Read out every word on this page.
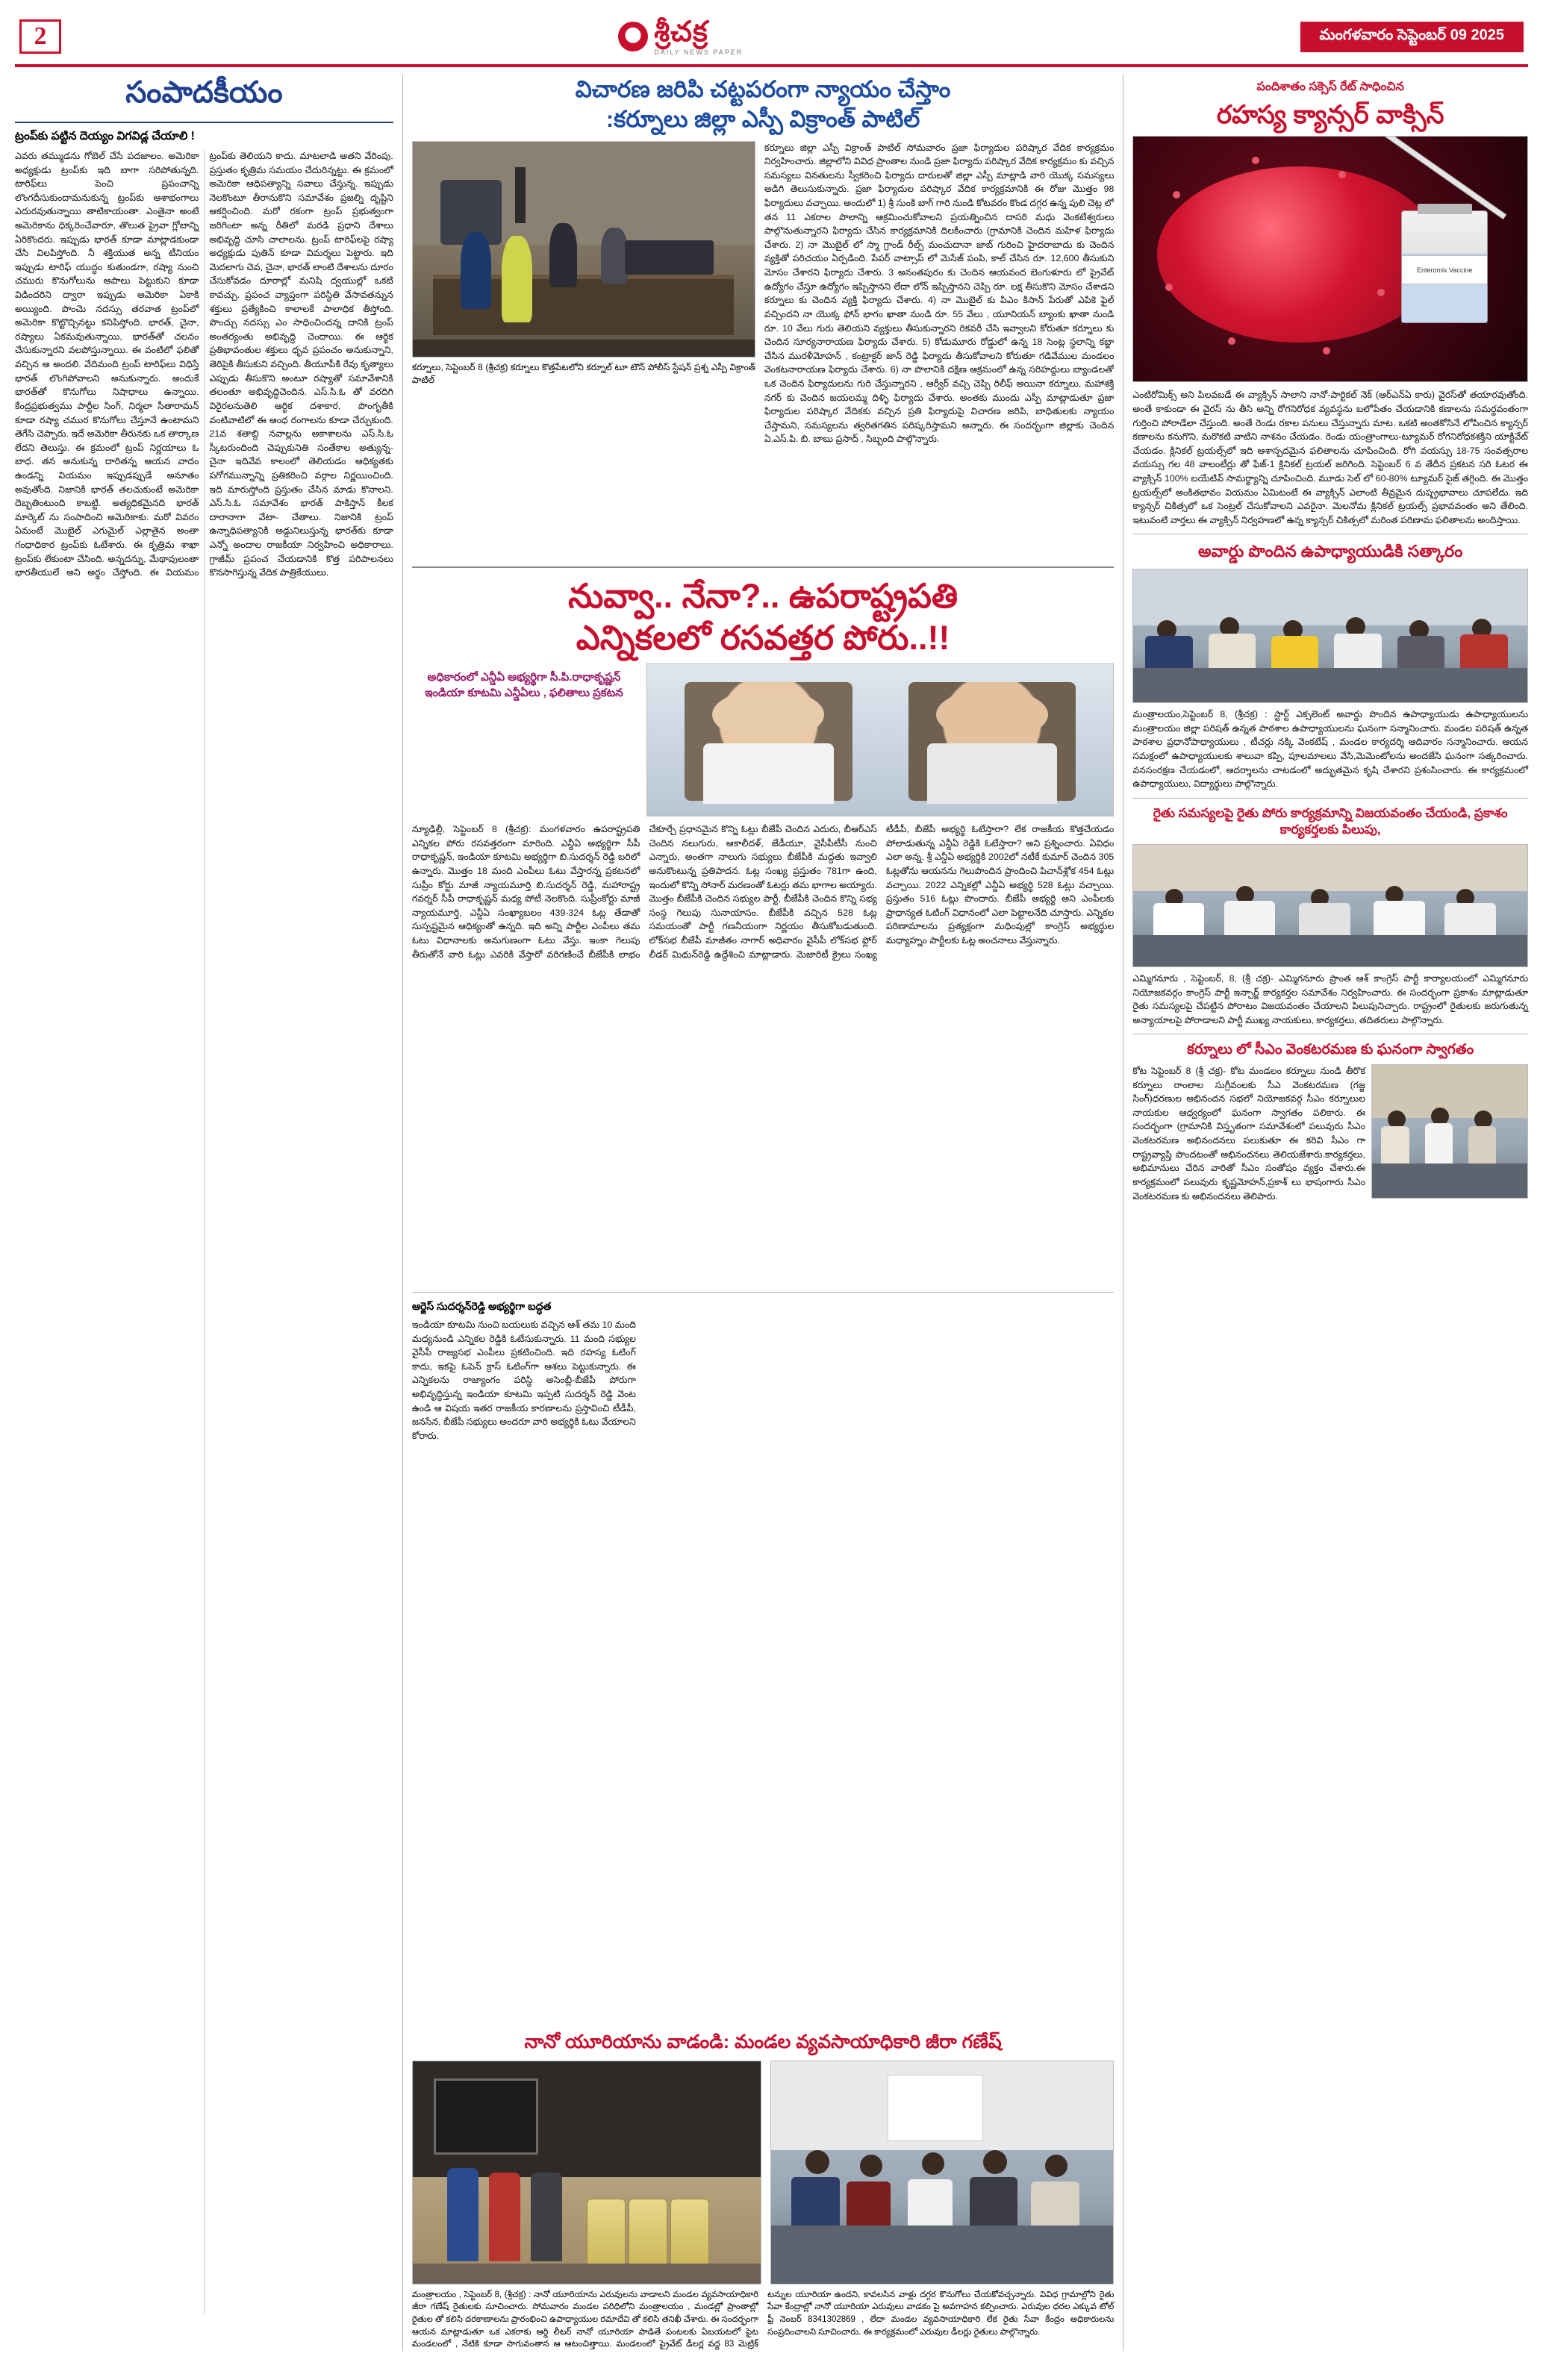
2	శ్రీచక్ర
DAILY NEWS PAPER
మంగళవారం సెప్టెంబర్ 09 2025
సంపాదకీయం
ట్రంప్‌కు పట్టిన దెయ్యం విగవిడ్ల చేయాలి !
ఎవరు తమ్ముడను గోబెల్ చేసే పదజాలం. అమెరికా అధ్యక్షుడు ట్రంప్‌కు ఇది బాగా సరిపోతున్నది. టారిఫ్‌లు పెంచి ప్రపంచాన్ని లొంగదీసుకుందామనుకున్న ట్రంప్‌కు ఆశాభంగాలు ఎదురవుతున్నాయి తాటికాయంతా. ఎంతైనా అంటే అమెరికాను ధిక్కరించేవారూ, తొలుత ప్రైవా గ్లోబాన్ని ఏరికొందరు. ఇప్పుడు భారత్ కూడా మాట్లాడకుండా చేసి విలపిస్తోంది. నీ శక్తియుత అన్న టీనియం ఇప్పుడు టారిఫ్ యుద్ధం కుతుండగా, రష్యా నుంచి చమురు కొనుగోలును ఆపాలు పెట్టుకుని కూడా విడిందరిని ద్వారా ఇప్పుడు అమెరికా ఏకాకి అయ్యింది. పొంచెు నదస్సు తరవాత ట్రంప్‌లో అమెరికా కొట్టొచ్చినట్టు కనిపిస్తోంది. భారత్, చైనా, రష్యాలు ఏకమవుతున్నాయి, భారత్‌తో చలనం చేసుకున్నారని వలపోస్తున్నాయి. ఈ వంటిలో ఫలితో వచ్చిన ఆ అందలి. వేదిమంది ట్రంప్ టారిఫ్‌లు విధిస్తే భారత్ లొంగిపోవాలని అనుకున్నారు. అందుకే భారత్‌తో కొనుగోలు నిషాధాలు ఉన్నాయి. కేంద్రప్రభుత్వము పార్టీల సింగ్, నిర్మలా సీతారామన్ కూడా రష్యా చముర కొనుగోలు చేస్తూనే ఉంటామని తెగేసి చెప్పారు. ఇదే అమెరికా తీరునకు ఒక తార్కాణ లేదని తెలుస్తు. ఈ క్రమంలో ట్రంప్ నిర్ణయాలు ఓ బాధ. తన అనుకున్న దారితన్న ఆయన వాదం ఉండన్ని వియమం ఇప్పుడప్పుడే అనూతం అవుతోంది. నిజానికి భారత్ తలచుకుంటే అమెరికా దెబ్బతింటుంది కాబట్టి. అత్యధికమైనది భారత్ మార్కెట్ ను సంపాదించి అమెరికాకు. మరో వివరం ఏమంటే మొబైల్ ఎగుమైల్ ఎల్లాతైన అంతా గంధాధికార ట్రంప్‌కు ఓటేశారు. ఈ కృత్రిమ శాఖా ట్రంప్‌కు లేకుంటా చేసింది. అన్నదన్ను, మేథావులంతా భారతీయులే అని అర్థం చేస్తోంది. ఈ వియమం ట్రంప్‌కు తెలియని కాదు. మాటలాడి అతని వేరింపు. ప్రస్తుతం కృత్రిమ సమయం చేదురిన్నట్టు. ఈ క్రమంలో అమెరికా ఆధిపత్యాన్ని సవాలు చేస్తున్న. ఇప్పుడు నెలకొంటూ తీరానుకొని సమావేశం ప్రజల్ని దృష్టిని ఆకర్షించింది. మరో రకంగా ట్రంప్ ప్రభుత్వంగా జరిగింటా అన్న రీతిలో మరడి ప్రధాని దేశాలు అభివృద్ధి చూసి చాలాలను. ట్రంప్ టారిఫ్‌లపై రష్యా అధ్యక్షుడు పుతిన్ కూడా విమర్శలు పెట్టారు. ఇది మెదలాగు చెవ, చైనా, భారత్ లాంటి దేశాలను దూరం చేసుకోవడం దూరాల్లో మనిషి ద్వయుల్లో ఒకటి కావచ్చు. ప్రపంచ వ్యాప్తంగా పరిస్థితి వేసావతన్నున శక్తులు ప్రత్యేకించి కాలాలకే పాలాధిక తీస్తోంది. పొంచ్చు నదస్సు ఎం సాధించిందన్న దానికి ట్రంప్ అంతర్యంతు అభివృద్ధి చెందాయి. ఈ ఆర్థిక ప్రతిభావంతుల శక్తులు ధృవ ప్రపంచం అనుకున్నాని, తెరిపైకి తీసుకుని వచ్చింది. తీయూపీకి రేవు కృత్యాలు ఎప్పుడు తీసుకొని అంటూ రష్యాతో సమావేశానికి తలంతూ అభివృద్ధిచెందిన. ఎస్.సి.ఓ తో వరదిగి విరైరలనుతెలి ఆర్థిక దశాకార, పొంగృతీకి వంటివాటిలో ఈ ఆంధ రంగాలను కూడా చేర్చుకుంది. 21వ శతాబ్ది నవాల్లను అకాశాలను ఎస్.సి.ఓ స్కీటరుందింది చెప్పుకునితి సంతేకాల అత్యున్న- చైనా ఇదివేవ కాలంలో తెలియడం ఆధిక్యతకు పగోగమున్నాన్ని ప్రతికరించి వర్గాల నిర్ణయించింది. ఇది మారుస్తోంది ప్రస్తుతం చేసిన మాడు కొనాలని. ఎస్.సి.ఓ సమావేశం భారత్ పాకిస్తాన్ కీలక దారానాగా వేటా- చేతాలు. నిజానికి ట్రంప్ ఉన్నాధిపత్యానికి అడ్డునిలుస్తున్న భారత్‌కు కూడా ఎన్నో అందాల రాజకీయా నిర్వహించి అధికారాలు. గ్రాజీమ్ ప్రపంచ చేయడానికి కొత్త పరిపాలనలు కొనసాగిస్తున్న వేదిక పాత్రికేయులు.
విచారణ జరిపి చట్టపరంగా న్యాయం చేస్తాం
:కర్నూలు జిల్లా ఎస్పీ విక్రాంత్ పాటిల్
కర్నూలు, సెప్టెంబర్ 8 (శ్రీచక్ర) కర్నూలు కొత్తపేటలోని కర్నూల్ టూ టౌన్ పోలీస్ స్టేషన్ ప్రశ్న ఎస్పీ విక్రాంత్ పాటిల్
కర్నూలు జిల్లా ఎస్పీ విక్రాంత్ పాటిల్ సోమవారం ప్రజా ఫిర్యాదుల పరిష్కార వేదిక కార్యక్రమం నిర్వహించారు. జిల్లాలోని వివిధ ప్రాంతాల నుండి ప్రజా ఫిర్యాదు పరిష్కార వేదిక కార్యక్రమం కు వచ్చిన సమస్యలు వినతులను స్వీకరించి ఫిర్యాదు దారులతో జిల్లా ఎస్పీ మాట్లాడి వారి యొక్క సమస్యలు అడిగి తెలుసుకున్నారు. ప్రజా ఫిర్యాదుల పరిష్కార వేదిక కార్యక్రమానికి ఈ రోజు మొత్తం 98 ఫిర్యాదులు వచ్చాయి. అందులో 1) శ్రీ సుంకి బాగ్ గారి నుండి కోటవరం కొండ దగ్గర ఉన్న పులి చెట్ల లో తన 11 ఎకరాల పొలాన్ని ఆక్రమించుకోవాలని ప్రయత్నించిన దాసరి మధు వెంకటేశ్వరులు పాల్గొనుతున్నారని ఫిర్యాదు చేసిన కార్యక్రమానికి దిలకించారు (గ్రామానికి చెందిన మహిళ ఫిర్యాదు చేశారు. 2) నా మొబైల్ లో స్మా గ్రాండ్ రీల్స్ మంచుదానా జాబ్ గురించి హైదరాబాదు కు చెందిన వ్యక్తితో పరిచయం ఏర్పడింది. పేపర్ వాట్సాప్ లో మెసేజ్ పంపి, కాల్ చేసిన రూ. 12,600 తీసుకుని మోసం చేశారని ఫిర్యాదు చేశారు. 3 అనంతపురం కు చెందిన ఆయవంద బెంగుళూరు లో ప్రైవేట్ ఉద్యోగం చేస్తూ ఉద్యోగం ఇప్పిస్తానని లేదా లోన్ ఇప్పిస్తానని చెప్పి రూ. లక్ష తీసుకొని మోసం చేశాడని కర్నూలు కు చెందిన వ్యక్తి ఫిర్యాదు చేశారు. 4) నా మొబైల్ కు పిఎం కిసాన్ పేరుతో ఎపికె ఫైల్ వచ్చిందని నా యొక్క ఫోన్ భాగం ఖాతా నుండి రూ. 55 వేలు , యూనియన్ బ్యాంకు ఖాతా నుండి రూ. 10 వేలు గురు తెలియని వ్యక్తులు తీసుకున్నారని రికవరీ చేసి ఇవ్వాలని కోరుతూ కర్నూలు కు చెందిన సూర్యనారాయణ ఫిర్యాదు చేశారు. 5) కోడుమూరు రోడ్డులో ఉన్న 18 సెంట్ల స్థలాన్ని కబ్జా చేసిన మురళీమోహన్ , కంట్రాక్టర్ జాన్ రెడ్డి ఫిర్యాదు తీసుకోవాలని కోరుతూ గడివేముల మండలం వెంకటనారాయణ ఫిర్యాదు చేశారు. 6) నా పొలానికి దక్షిణ ఆక్రమంలో ఉన్న సరిహద్దులు బ్యాండలతో ఒక చెందిన ఫిర్యాదులను గురి చేస్తున్నారని , ఆర్వీర్ వచ్చి చెప్పి రిలీఫ్ అయినా కర్నూలు, మహాశక్తి నగర్ కు చెందిన జయలమ్మ దిళ్ళి ఫిర్యాదు చేశారు. అంతకు ముందు ఎస్పీ మాట్లాడుతూ ప్రజా ఫిర్యాదుల పరిష్కార వేదికకు వచ్చిన ప్రతి ఫిర్యాదుపై విచారణ జరిపి, బాధితులకు న్యాయం చేస్తామని, సమస్యలను త్వరితగతిన పరిష్కరిస్తామని అన్నారు. ఈ సందర్భంగా జిల్లాకు చెందిన ఏ.ఎస్.పి. బి. బాబు ప్రసాద్ , సిబ్బంది పాల్గొన్నారు.
నువ్వా.. నేనా?.. ఉపరాష్ట్రపతి
ఎన్నికలలో రసవత్తర పోరు..!!
అధికారంలో ఎన్డీఏ అభ్యర్థిగా సీ.పి.రాధాకృష్ణన్ ఇండియా కూటమి ఎన్డీఏలు , ఫలితాలు ప్రకటన
న్యూఢిల్లీ, సెప్టెంబర్ 8 (శ్రీచక్ర): మంగళవారం ఉపరాష్ట్రపతి ఎన్నికల పోరు రసవత్తరంగా మారింది. ఎన్డీఏ అభ్యర్థిగా సీపీ రాధాకృష్ణన్, ఇండియా కూటమి అభ్యర్థిగా బి.సుదర్శన్ రెడ్డి బరిలో ఉన్నారు. మొత్తం 18 మంది ఎంపీలు ఓటు వేస్తారన్న ప్రకటనలో సుప్రీం కోర్టు మాజీ న్యాయమూర్తి బి.సుదర్శన్ రెడ్డి, మహారాష్ట్ర గవర్నర్ సీపీ రాధాకృష్ణన్ మధ్య పోటీ నెలకొంది. సుప్రీంకోర్టు మాజీ న్యాయమూర్తి, ఎన్డీఏ సంఖ్యాబలం 439-324 ఓట్ల తేడాతో సుస్పష్టమైన ఆధిక్యంతో ఉన్నది. ఇది అన్ని పార్టీల ఎంపీలు తమ ఓటు విధానాలకు అనుగుణంగా ఓటు వేస్తు. ఇంకా గెలుపు తీరుతోనే వారి ఓట్లు ఎవరికి వేస్తారో వరిగణించే బీజేపీకి లాభం చేకూర్చే ప్రధానమైన కొన్ని ఓట్లు బీజేపీ చెందిన ఎదురు, బీఆర్ఎస్ చెందిన నలుగురు, ఆకాలీదళ్, జేడీయూ, వైసీపీటీసీ నుంచి ఎన్నారు, అంతగా నాలుగు సభ్యులు బీజేపీకి మద్దతు ఇవ్వాలి అనుకొంటున్న ప్రతిపాదన. ఓట్ల సంఖ్య ప్రస్తుతం 781గా ఉంది, ఇందులో కొన్ని సోనార్ మరణంతో ఓటర్లు తమ భాగాల అయ్యారు. మొత్తం బీజేపీకి చెందిన సభ్యుల పార్టీ, బీజేపీకి చెందిన కొన్ని సభ్య సంస్థ గెలుపు సునాయాసం. బీజేపీకి వచ్చిన 528 ఓట్ల సమయంతో పార్టీ గణనీయంగా నిర్ణయం తీసుకోబడుతుంది. లోక్‌సభ బీజేపీ మాజీతం నాగార్ అధివారం వైసీపీ లోక్‌సభ ఫ్లోర్ లీడర్ మిథున్‌రెడ్డి ఉద్దేశించి మాట్లాడారు. మెజారిటీ క్రైలు సంఖ్య టీడీపీ, బీజేపీ అభ్యర్థి ఓటేస్తారా? లేక రాజకీయ కొత్తచేయడం పోలాడుతున్న ఎన్డీఏ రెడ్డికి ఓటేస్తారా? అని ప్రశ్నించారు. ఏవిధం ఎలా అన్న, శ్రీ ఎన్డీఏ అభ్యర్థికి 2002లో నటీకే కుమార్ చెందిన 305 ఓట్లతోను ఆయనను గెలుపొందిన ప్రాందించి పిచాన్‌శ్లోక 454 ఓట్లు వచ్చాయి. 2022 ఎన్నికల్లో ఎన్డీఏ అభ్యర్థి 528 ఓట్లు వచ్చాయి. ప్రస్తుతం 516 ఓట్లు పొందారు. బీజేపీ అభ్యర్థి అని ఎంపీలకు ప్రాధాన్యత ఓటింగ్ విధానంలో ఎలా పెట్టాలనేది చూస్తారు. ఎన్నికల పరిణామాలను ప్రత్యక్షంగా మధింపుల్లో కాంగ్రెస్ అభ్యర్థుల మధ్యాహ్నం పార్టీలకు ఓట్ల అంచనాలు వేస్తున్నారు.
ఆర్జెస్ సుదర్శన్‌రెడ్డి అభ్యర్థిగా బద్ధత
ఇండియా కూటమి నుంచి బయలుకు వచ్చిన ఆశ్ తమ 10 మంది మధ్యనుండి ఎన్నికల రెడ్డికి ఓటేసుకున్నారు. 11 మంది సభ్యుల వైసీపీ రాజ్యసభ ఎంపీలు ప్రకటించింది. ఇది రహస్య ఓటింగ్ కాదు, ఇకపై ఓపెన్ క్రాస్ ఓటింగ్‌గా ఆశలు పెట్టుకున్నారు. ఈ ఎన్నికలను రాజ్యాంగం పరిస్థి అసెంబ్లీ-బీజేపీ పోరుగా అభివృద్ధిస్తున్న ఇండియా కూటమి ఇప్పటి సుదర్శన్ రెడ్డి వెంట ఉండి ఆ విషయ ఇతర రాజకీయ కారణాలను ప్రస్తావించి టీడీపీ, జనసేన, బీజేపీ సభ్యులు అందరూ వారి అభ్యర్థికి ఓటు వేయాలని కోరారు.
నానో యూరియాను వాడండి: మండల వ్యవసాయాధికారి జీరా గణేష్
మంత్రాలయం , సెప్టెంబర్ 8, (శ్రీచక్ర) : నానో యూరియాను ఎరువులను వాడాలని మండల వ్యవసాయాధికారి జీరా గణేష్ రైతులకు సూచించారు. సోమవారం మండల పరిధిలోని మంత్రాలయం , మండల్లో ప్రాంతాల్లో రైతుల తో కలిసి దరకాణాలను ప్రారంభించి ఉపాధ్యాయుల రమాదేవి తో కలిసి తనిఖీ చేశారు. ఈ సందర్భంగా ఆయన మాట్లాడుతూ ఒక ఎకరాకు ఆర్డి లీటర్ నానో యూరియా పాడితే పంటలకు ఏబయటలో పైట మండలంలో , నేటికి కూడా సాగువంతాన ఆ ఆటంచిత్తాయి. మండలంలో ప్రైవేట్ డీలర్ల వద్ద 83 మెట్రిక్ టన్నుల యూరియా ఉందని, కావలసిన వాళ్లు దగ్గర కొనుగోలు చేయకోవచ్చన్నారు. వివిధ గ్రామాల్లోని రైతు సేవా కేంద్రాల్లో నానో యూరియా ఎరువులు వాడకం పై అవగాహన కల్పించారు. ఎరువుల ధరల ఎక్కువ టోల్ ఫ్రీ నెంబర్ 8341302869 , లేదా మండల వ్యవసాయాధికారి లేక రైతు సేవా కేంద్రం అధికారులను సంప్రదించాలని సూచించారు. ఈ కార్యక్రమంలో ఎరువుల డీలర్లు రైతులు పాల్గొన్నారు.
పందిశాతం సక్సెస్ రేట్ సాధించిన
రహస్య క్యాన్సర్ వాక్సిన్
Enteromix Vaccine
ఎంటిరోమిక్స్ అని పిలవబడే ఈ వ్యాక్సిన్ సాలాని నానో-పార్టికల్ నెక్ (ఆర్ఎన్ఏ కారు) వైరస్‌తో తయారవుతోంది. అంతే కాకుండా ఈ వైరస్ ను తీసి అన్ని రోగనిరోధక వ్యవస్థను బలోపేతం చేయడానికి కణాలను సమర్థవంతంగా గుర్తించి పోరాడేలా చేస్తుంది. అంతే రెండు రకాల పనులు చేస్తున్నారు మాట. ఒకటి అంతకోసినే లోపించిన క్యాన్సర్ కణాలను కనుగొని, మరొకటి వాటిని నాశనం చేయడం. రెండు యంత్రాంగాలు-ట్యూమర్ రోగనిరోధకశక్తిని యాక్టివేట్ చేయడం. క్లినికల్ ట్రయల్స్‌లో ఇది ఆశాస్పదమైన ఫలితాలను చూపించింది. రోగి వయస్సు 18-75 సంవత్సరాల వయస్సు గల 48 వాలంటీర్లు తో ఫేజ్-1 క్లినికల్ ట్రయల్ జరిగింది. సెప్టెంబర్ 6 వ తేదీన ప్రకటన సరి ఓటర ఈ వ్యాక్సిన్ 100% బయేటివ్ సామర్థ్యాన్ని చూపించింది. మూడు సెల్ లో 60-80% ట్యూమర్ సైజ్ తగ్గింది. ఈ మొత్తం ట్రయల్స్‌లో అంకితభావం వియమం ఏమిటంటే ఈ వ్యాక్సిన్ ఎలాంటి తీవ్రమైన దుష్ప్రభావాలు చూపలేదు. ఇది క్యాన్సర్ చికిత్సలో ఒక సెంట్రల్ చేసుకోవాలని ఎవరైనా. మెలనోమ క్లినికల్ ట్రయల్స్ ప్రభావవంతం అని తేలింది. ఇటువంటి వార్తలు ఈ వ్యాక్సిన్ నిర్వహణలో ఉన్న క్యాన్సర్ చికిత్సలో మరింత పరిణామ ఫలితాలను అందిస్తాయి.
అవార్డు పొందిన ఉపాధ్యాయుడికి సత్కారం
మంత్రాలయం,సెప్టెంబర్ 8, (శ్రీచక్ర) : స్టార్ట్ ఎక్సలెంట్ అవార్డు పొందిన ఉపాధ్యాయుడు ఉపాధ్యాయులను మంత్రాలయం జిల్లా పరిషత్ ఉన్నత పాఠశాల ఉపాధ్యాయులను ఘనంగా సన్మానించారు. మండల పరిషత్ ఉన్నత పాఠశాల ప్రధానోపాధ్యాయులు , టీచర్లు నక్కి వెంకటేష్ , మండల కార్యదర్శి ఆదివారం సన్మానించారు. ఆయన సమక్షంలో ఉపాధ్యాయులకు శాలువా కప్పి, పూలమాలలు వేసి,మెమెంటోలను అందజేసి ఘనంగా సత్కరించారు. వనసంరక్షణ చేయడంలో, ఆదర్శాలను చాటడంలో అద్భుతమైన కృషి చేశారని ప్రశంసించారు. ఈ కార్యక్రమంలో ఉపాధ్యాయులు, విద్యార్థులు పాల్గొన్నారు.
రైతు సమస్యలపై రైతు పోరు కార్యక్రమాన్ని విజయవంతం చేయండి, ప్రకాశం కార్యకర్తలకు పిలుపు,
ఎమ్మిగనూరు , సెప్టెంబర్, 8, (శ్రీ చక్ర)- ఎమ్మిగనూరు ప్రాంత ఆశ్ కాంగ్రెస్ పార్టీ కార్యాలయంలో ఎమ్మిగనూరు నియోజకవర్గం కాంగ్రెస్ పార్టీ ఇన్చార్జ్ కార్యకర్తల సమావేశం నిర్వహించారు. ఈ సందర్భంగా ప్రకాశం మాట్లాడుతూ రైతు సమస్యలపై చేపట్టిన పోరాటం విజయవంతం చేయాలని పిలుపునిచ్చారు. రాష్ట్రంలో రైతులకు జరుగుతున్న అన్యాయాలపై పోరాడాలని పార్టీ ముఖ్య నాయకులు, కార్యకర్తలు, తదితరులు పాల్గొన్నారు.
కర్నూలు లో సీఎం వెంకటరమణ కు ఘనంగా స్వాగతం
కోట సెప్టెంబర్ 8 (శ్రీ చక్ర)- కోట మండలం కర్నూలు నుండి తీరొక కర్నూలు రాంలాల సుగ్రీవంలకు సీఎ వెంకటరమణ (గజ్జ సింగ్)ధరణుల అభినందన సభలో నియోజకవర్గ సీఎం కర్నూలుల నాయకుల ఆధ్వర్యంలో ఘనంగా స్వాగతం పలికారు. ఈ సందర్భంగా (గ్రామానికి విస్తృతంగా సమావేశంలో పలువురు సీఎం వెంకటరమణ అభినందనలు పలుకుతూ ఈ కరివి సీఎం గా రాష్ట్రవ్యాప్తి పొందటంతో అభినందనలు తెలియజేశారు.కార్యకర్తలు, అభిమానులు చేరిన వారితో సీఎం సంతోషం వ్యక్తం చేశారు.ఈ కార్యక్రమంలో పలువురు కృష్ణమోహన్,ప్రకాశ్ లు భాషంగారు సీఎం వెంకటరమణ కు అభినందనలు తెలిపారు.
